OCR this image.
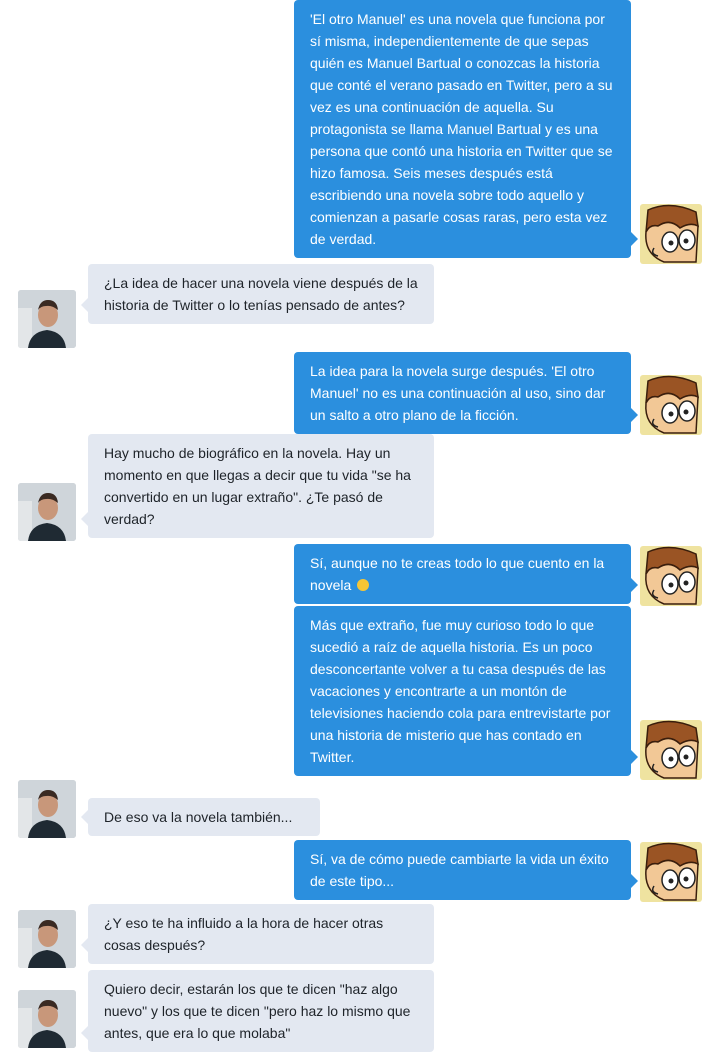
'El otro Manuel' es una novela que funciona por sí misma, independientemente de que sepas quién es Manuel Bartual o conozcas la historia que conté el verano pasado en Twitter, pero a su vez es una continuación de aquella. Su protagonista se llama Manuel Bartual y es una persona que contó una historia en Twitter que se hizo famosa. Seis meses después está escribiendo una novela sobre todo aquello y comienzan a pasarle cosas raras, pero esta vez de verdad.
¿La idea de hacer una novela viene después de la historia de Twitter o lo tenías pensado de antes?
La idea para la novela surge después. 'El otro Manuel' no es una continuación al uso, sino dar un salto a otro plano de la ficción.
Hay mucho de biográfico en la novela. Hay un momento en que llegas a decir que tu vida "se ha convertido en un lugar extraño". ¿Te pasó de verdad?
Sí, aunque no te creas todo lo que cuento en la novela
Más que extraño, fue muy curioso todo lo que sucedió a raíz de aquella historia. Es un poco desconcertante volver a tu casa después de las vacaciones y encontrarte a un montón de televisiones haciendo cola para entrevistarte por una historia de misterio que has contado en Twitter.
De eso va la novela también...
Sí, va de cómo puede cambiarte la vida un éxito de este tipo...
¿Y eso te ha influido a la hora de hacer otras cosas después?
Quiero decir, estarán los que te dicen "haz algo nuevo" y los que te dicen "pero haz lo mismo que antes, que era lo que molaba"
